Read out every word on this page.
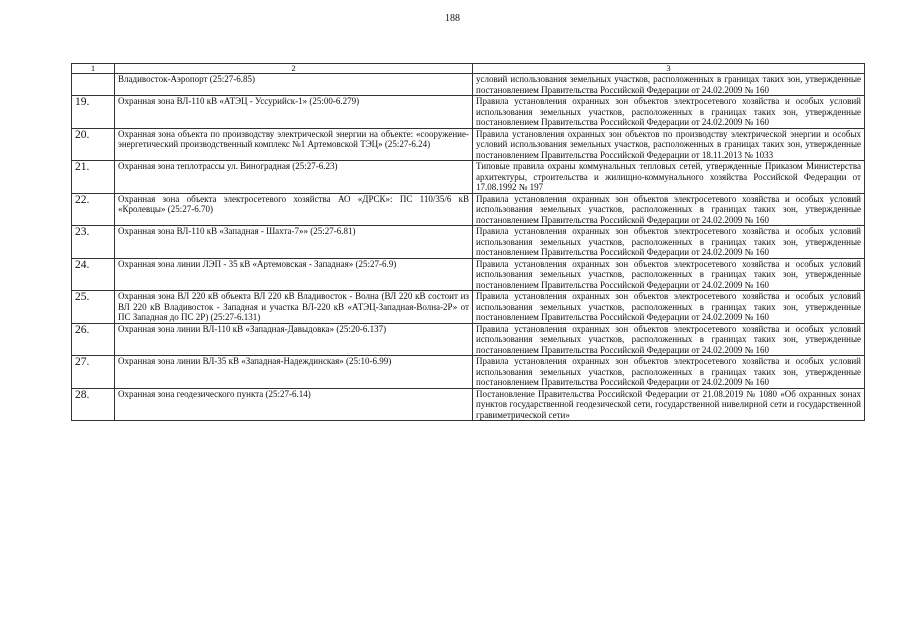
188
1	2	3
	Владивосток-Аэропорт (25:27-6.85)	условий использования земельных участков, расположенных в границах таких зон, утвержденные постановлением Правительства Российской Федерации от 24.02.2009 № 160
19.	Охранная зона ВЛ-110 кВ «АТЭЦ - Уссурийск-1» (25:00-6.279)	Правила установления охранных зон объектов электросетевого хозяйства и особых условий использования земельных участков, расположенных в границах таких зон, утвержденные постановлением Правительства Российской Федерации от 24.02.2009 № 160
20.	Охранная зона объекта по производству электрической энергии на объекте: «сооружение-энергетический производственный комплекс №1 Артемовской ТЭЦ» (25:27-6.24)	Правила установления охранных зон объектов по производству электрической энергии и особых условий использования земельных участков, расположенных в границах таких зон, утвержденные постановлением Правительства Российской Федерации от 18.11.2013 № 1033
21.	Охранная зона теплотрассы ул. Виноградная (25:27-6.23)	Типовые правила охраны коммунальных тепловых сетей, утвержденные Приказом Министерства архитектуры, строительства и жилищно-коммунального хозяйства Российской Федерации от 17.08.1992 № 197
22.	Охранная зона объекта электросетевого хозяйства АО «ДРСК»: ПС 110/35/6 кВ «Кролевцы» (25:27-6.70)	Правила установления охранных зон объектов электросетевого хозяйства и особых условий использования земельных участков, расположенных в границах таких зон, утвержденные постановлением Правительства Российской Федерации от 24.02.2009 № 160
23.	Охранная зона ВЛ-110 кВ «Западная - Шахта-7»» (25:27-6.81)	Правила установления охранных зон объектов электросетевого хозяйства и особых условий использования земельных участков, расположенных в границах таких зон, утвержденные постановлением Правительства Российской Федерации от 24.02.2009 № 160
24.	Охранная зона линии ЛЭП - 35 кВ «Артемовская - Западная» (25:27-6.9)	Правила установления охранных зон объектов электросетевого хозяйства и особых условий использования земельных участков, расположенных в границах таких зон, утвержденные постановлением Правительства Российской Федерации от 24.02.2009 № 160
25.	Охранная зона ВЛ 220 кВ объекта ВЛ 220 кВ Владивосток - Волна (ВЛ 220 кВ состоит из ВЛ 220 кВ Владивосток - Западная и участка ВЛ-220 кВ «АТЭЦ-Западная-Волна-2Р» от ПС Западная до ПС 2Р) (25:27-6.131)	Правила установления охранных зон объектов электросетевого хозяйства и особых условий использования земельных участков, расположенных в границах таких зон, утвержденные постановлением Правительства Российской Федерации от 24.02.2009 № 160
26.	Охранная зона линии ВЛ-110 кВ «Западная-Давыдовка» (25:20-6.137)	Правила установления охранных зон объектов электросетевого хозяйства и особых условий использования земельных участков, расположенных в границах таких зон, утвержденные постановлением Правительства Российской Федерации от 24.02.2009 № 160
27.	Охранная зона линии ВЛ-35 кВ «Западная-Надеждинская» (25:10-6.99)	Правила установления охранных зон объектов электросетевого хозяйства и особых условий использования земельных участков, расположенных в границах таких зон, утвержденные постановлением Правительства Российской Федерации от 24.02.2009 № 160
28.	Охранная зона геодезического пункта (25:27-6.14)	Постановление Правительства Российской Федерации от 21.08.2019 № 1080 «Об охранных зонах пунктов государственной геодезической сети, государственной нивелирной сети и государственной гравиметрической сети»
